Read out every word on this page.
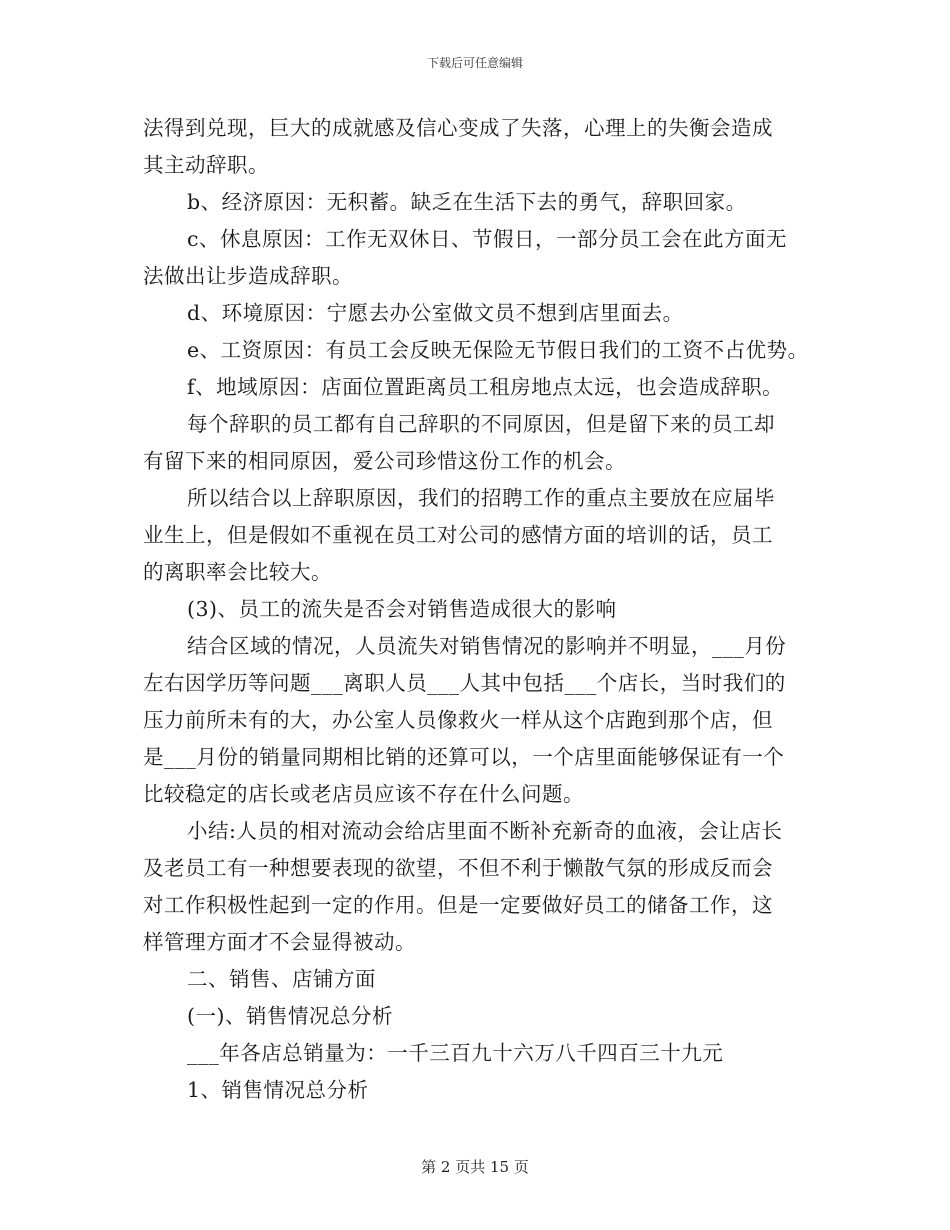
下载后可任意编辑
法得到兑现，巨大的成就感及信心变成了失落，心理上的失衡会造成
其主动辞职。
b、经济原因：无积蓄。缺乏在生活下去的勇气，辞职回家。
c、休息原因：工作无双休日、节假日，一部分员工会在此方面无
法做出让步造成辞职。
d、环境原因：宁愿去办公室做文员不想到店里面去。
e、工资原因：有员工会反映无保险无节假日我们的工资不占优势。
f、地域原因：店面位置距离员工租房地点太远，也会造成辞职。
每个辞职的员工都有自己辞职的不同原因，但是留下来的员工却
有留下来的相同原因，爱公司珍惜这份工作的机会。
所以结合以上辞职原因，我们的招聘工作的重点主要放在应届毕
业生上，但是假如不重视在员工对公司的感情方面的培训的话，员工
的离职率会比较大。
(3)、员工的流失是否会对销售造成很大的影响
结合区域的情况，人员流失对销售情况的影响并不明显，___月份
左右因学历等问题___离职人员___人其中包括___个店长，当时我们的
压力前所未有的大，办公室人员像救火一样从这个店跑到那个店，但
是___月份的销量同期相比销的还算可以，一个店里面能够保证有一个
比较稳定的店长或老店员应该不存在什么问题。
小结:人员的相对流动会给店里面不断补充新奇的血液，会让店长
及老员工有一种想要表现的欲望，不但不利于懒散气氛的形成反而会
对工作积极性起到一定的作用。但是一定要做好员工的储备工作，这
样管理方面才不会显得被动。
二、销售、店铺方面
(一)、销售情况总分析
___年各店总销量为：一千三百九十六万八千四百三十九元
1、销售情况总分析
第 2 页共 15 页
